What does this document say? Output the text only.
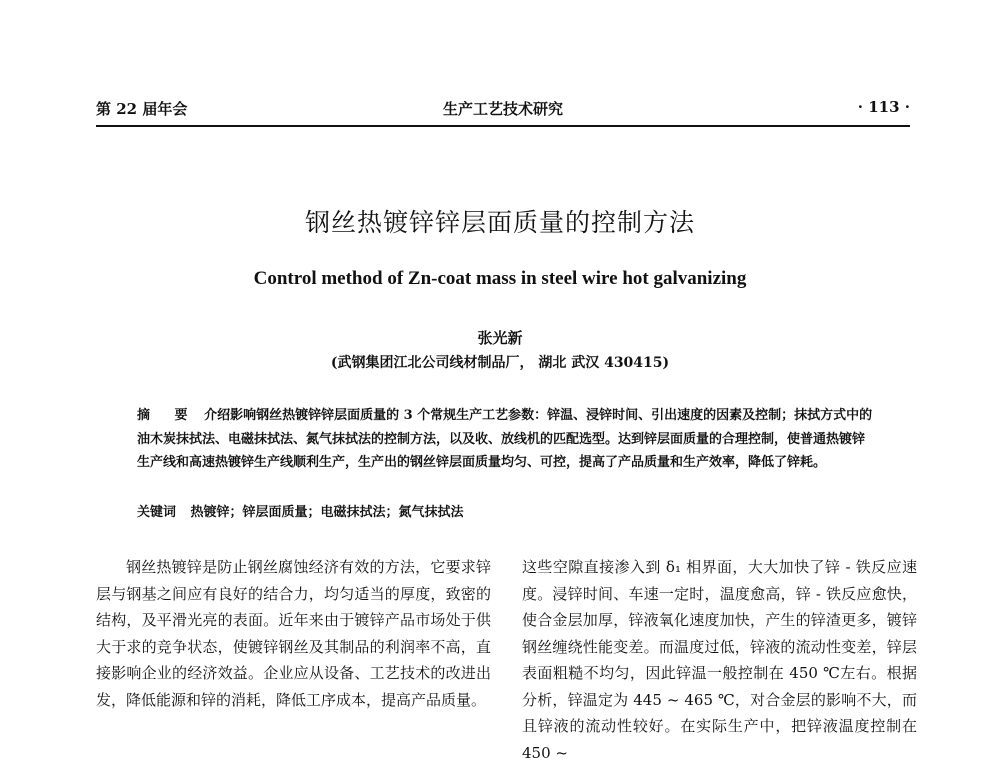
第 22 届年会	生产工艺技术研究	· 113 ·
钢丝热镀锌锌层面质量的控制方法
Control method of Zn-coat mass in steel wire hot galvanizing
张光新
(武钢集团江北公司线材制品厂， 湖北 武汉 430415)
摘 要 介绍影响钢丝热镀锌锌层面质量的 3 个常规生产工艺参数：锌温、浸锌时间、引出速度的因素及控制；抹拭方式中的油木炭抹拭法、电磁抹拭法、氮气抹拭法的控制方法，以及收、放线机的匹配选型。达到锌层面质量的合理控制，使普通热镀锌生产线和高速热镀锌生产线顺利生产，生产出的钢丝锌层面质量均匀、可控，提高了产品质量和生产效率，降低了锌耗。
关键词 热镀锌；锌层面质量；电磁抹拭法；氮气抹拭法

钢丝热镀锌是防止钢丝腐蚀经济有效的方法，它要求锌层与钢基之间应有良好的结合力，均匀适当的厚度，致密的结构，及平滑光亮的表面。近年来由于镀锌产品市场处于供大于求的竞争状态，使镀锌钢丝及其制品的利润率不高，直接影响企业的经济效益。企业应从设备、工艺技术的改进出发，降低能源和锌的消耗，降低工序成本，提高产品质量。

这些空隙直接渗入到 δ₁ 相界面，大大加快了锌 - 铁反应速度。浸锌时间、车速一定时，温度愈高，锌 - 铁反应愈快，使合金层加厚，锌液氧化速度加快，产生的锌渣更多，镀锌钢丝缠绕性能变差。而温度过低，锌液的流动性变差，锌层表面粗糙不均匀，因此锌温一般控制在 450 ℃左右。根据分析，锌温定为 445 ~ 465 ℃，对合金层的影响不大，而且锌液的流动性较好。在实际生产中，把锌液温度控制在450 ~
